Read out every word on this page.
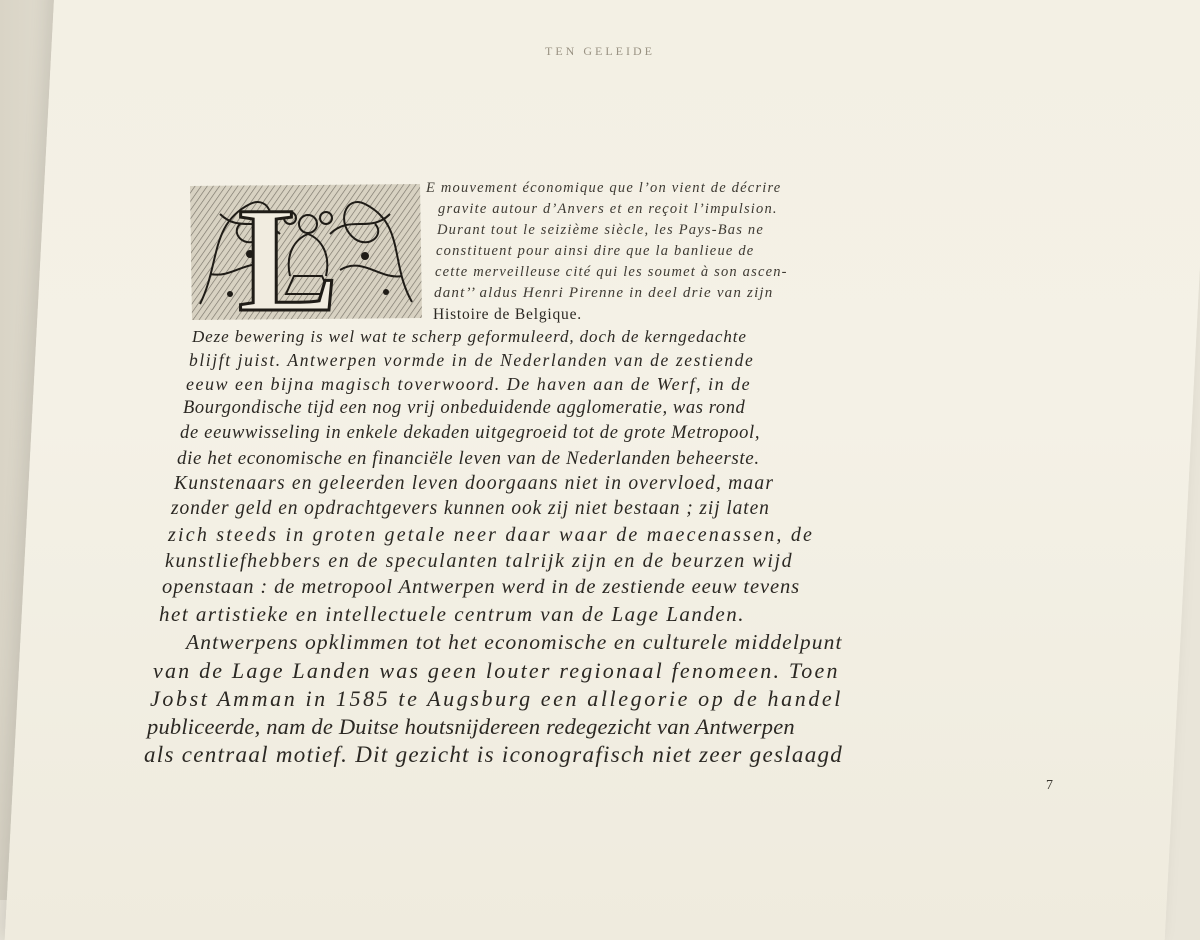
TEN GELEIDE
L	E mouvement économique que l’on vient de décrire
gravite autour d’Anvers et en reçoit l’impulsion.
Durant tout le seizième siècle, les Pays-Bas ne
constituent pour ainsi dire que la banlieue de
cette merveilleuse cité qui les soumet à son ascen-
dant’’ aldus Henri Pirenne in deel drie van zijn
Histoire de Belgique.
Deze bewering is wel wat te scherp geformuleerd, doch de kerngedachte
blijft juist. Antwerpen vormde in de Nederlanden van de zestiende
eeuw een bijna magisch toverwoord. De haven aan de Werf, in de
Bourgondische tijd een nog vrij onbeduidende agglomeratie, was rond
de eeuwwisseling in enkele dekaden uitgegroeid tot de grote Metropool,
die het economische en financiële leven van de Nederlanden beheerste.
Kunstenaars en geleerden leven doorgaans niet in overvloed, maar
zonder geld en opdrachtgevers kunnen ook zij niet bestaan ; zij laten
zich steeds in groten getale neer daar waar de maecenassen, de
kunstliefhebbers en de speculanten talrijk zijn en de beurzen wijd
openstaan : de metropool Antwerpen werd in de zestiende eeuw tevens
het artistieke en intellectuele centrum van de Lage Landen.
Antwerpens opklimmen tot het economische en culturele middelpunt
van de Lage Landen was geen louter regionaal fenomeen. Toen
Jobst Amman in 1585 te Augsburg een allegorie op de handel
publiceerde, nam de Duitse houtsnijdereen redegezicht van Antwerpen
als centraal motief. Dit gezicht is iconografisch niet zeer geslaagd
7
